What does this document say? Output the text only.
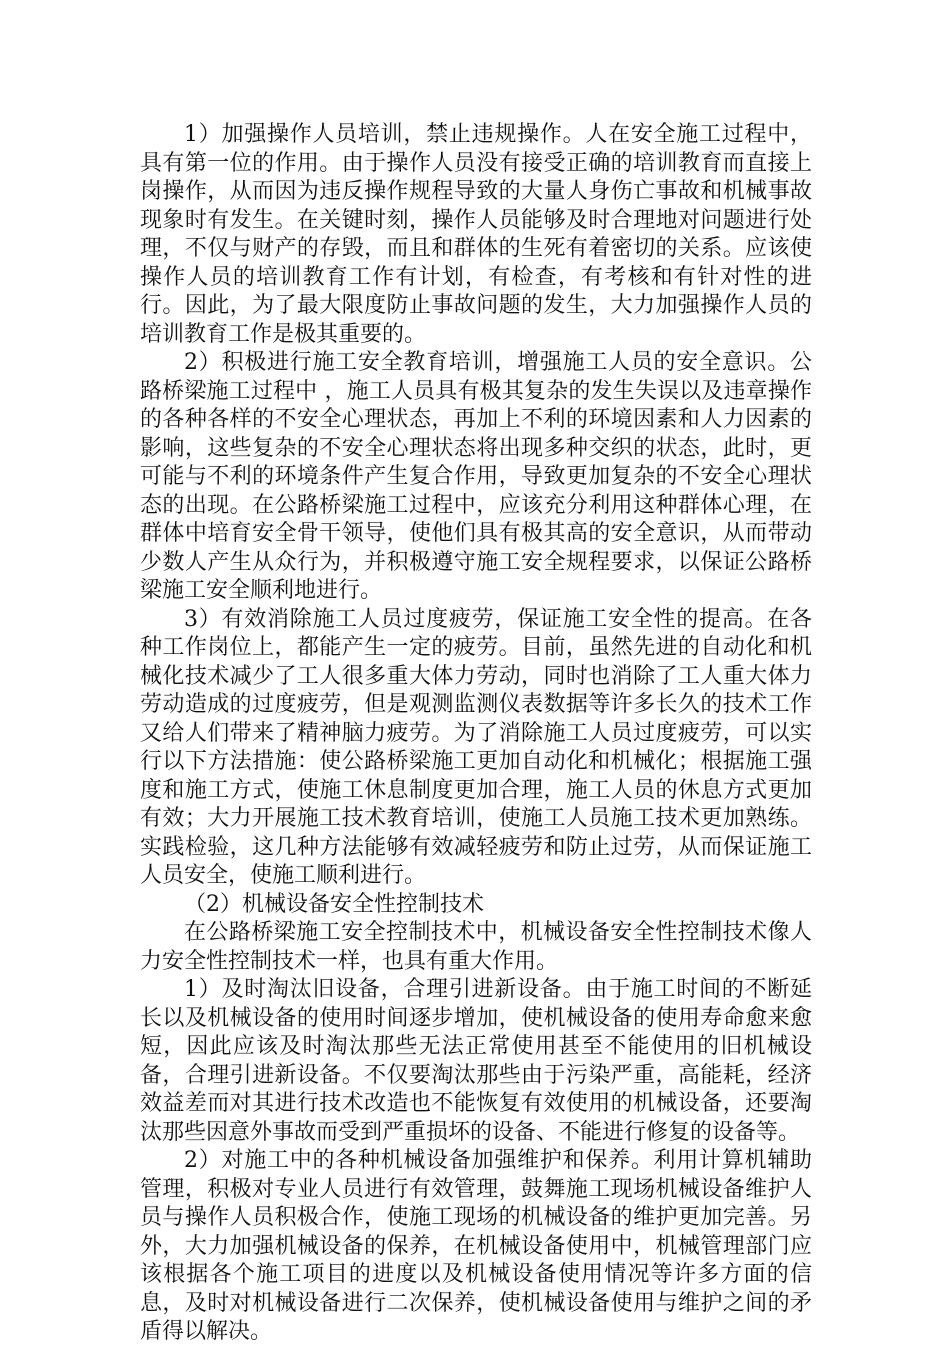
1）加强操作人员培训，禁止违规操作。人在安全施工过程中，具有第一位的作用。由于操作人员没有接受正确的培训教育而直接上岗操作，从而因为违反操作规程导致的大量人身伤亡事故和机械事故现象时有发生。在关键时刻，操作人员能够及时合理地对问题进行处理，不仅与财产的存毁，而且和群体的生死有着密切的关系。应该使操作人员的培训教育工作有计划，有检查，有考核和有针对性的进行。因此，为了最大限度防止事故问题的发生，大力加强操作人员的培训教育工作是极其重要的。

2）积极进行施工安全教育培训，增强施工人员的安全意识。公路桥梁施工过程中 ，施工人员具有极其复杂的发生失误以及违章操作的各种各样的不安全心理状态，再加上不利的环境因素和人力因素的影响，这些复杂的不安全心理状态将出现多种交织的状态，此时，更可能与不利的环境条件产生复合作用，导致更加复杂的不安全心理状态的出现。在公路桥梁施工过程中，应该充分利用这种群体心理，在群体中培育安全骨干领导，使他们具有极其高的安全意识，从而带动少数人产生从众行为，并积极遵守施工安全规程要求，以保证公路桥梁施工安全顺利地进行。

3）有效消除施工人员过度疲劳，保证施工安全性的提高。在各种工作岗位上，都能产生一定的疲劳。目前，虽然先进的自动化和机械化技术减少了工人很多重大体力劳动，同时也消除了工人重大体力劳动造成的过度疲劳，但是观测监测仪表数据等许多长久的技术工作又给人们带来了精神脑力疲劳。为了消除施工人员过度疲劳，可以实行以下方法措施：使公路桥梁施工更加自动化和机械化；根据施工强度和施工方式，使施工休息制度更加合理，施工人员的休息方式更加有效；大力开展施工技术教育培训，使施工人员施工技术更加熟练。实践检验，这几种方法能够有效减轻疲劳和防止过劳，从而保证施工人员安全，使施工顺利进行。

（2）机械设备安全性控制技术

在公路桥梁施工安全控制技术中，机械设备安全性控制技术像人力安全性控制技术一样，也具有重大作用。

1）及时淘汰旧设备，合理引进新设备。由于施工时间的不断延长以及机械设备的使用时间逐步增加，使机械设备的使用寿命愈来愈短，因此应该及时淘汰那些无法正常使用甚至不能使用的旧机械设备，合理引进新设备。不仅要淘汰那些由于污染严重，高能耗，经济效益差而对其进行技术改造也不能恢复有效使用的机械设备，还要淘汰那些因意外事故而受到严重损坏的设备、不能进行修复的设备等。

2）对施工中的各种机械设备加强维护和保养。利用计算机辅助管理，积极对专业人员进行有效管理，鼓舞施工现场机械设备维护人员与操作人员积极合作，使施工现场的机械设备的维护更加完善。另外，大力加强机械设备的保养，在机械设备使用中，机械管理部门应该根据各个施工项目的进度以及机械设备使用情况等许多方面的信息，及时对机械设备进行二次保养，使机械设备使用与维护之间的矛盾得以解决。
